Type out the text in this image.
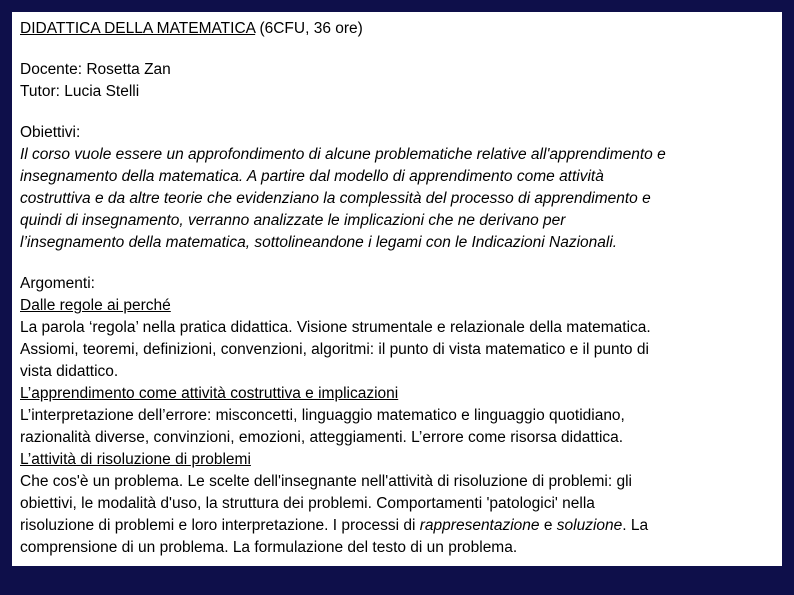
DIDATTICA DELLA MATEMATICA (6CFU, 36 ore)
Docente: Rosetta Zan
Tutor: Lucia Stelli
Obiettivi:
Il corso vuole essere un approfondimento di alcune problematiche relative all'apprendimento e
insegnamento della matematica. A partire dal modello di apprendimento come attività
costruttiva e da altre teorie che evidenziano la complessità del processo di apprendimento e
quindi di insegnamento, verranno analizzate le implicazioni che ne derivano per
l’insegnamento della matematica, sottolineandone i legami con le Indicazioni Nazionali.
Argomenti:
Dalle regole ai perché
La parola ‘regola’ nella pratica didattica. Visione strumentale e relazionale della matematica.
Assiomi, teoremi, definizioni, convenzioni, algoritmi: il punto di vista matematico e il punto di
vista didattico.
L’apprendimento come attività costruttiva e implicazioni
L’interpretazione dell’errore: misconcetti, linguaggio matematico e linguaggio quotidiano,
razionalità diverse, convinzioni, emozioni, atteggiamenti. L’errore come risorsa didattica.
L’attività di risoluzione di problemi
Che cos'è un problema. Le scelte dell'insegnante nell'attività di risoluzione di problemi: gli
obiettivi, le modalità d'uso, la struttura dei problemi. Comportamenti 'patologici' nella
risoluzione di problemi e loro interpretazione. I processi di rappresentazione e soluzione. La
comprensione di un problema. La formulazione del testo di un problema.
